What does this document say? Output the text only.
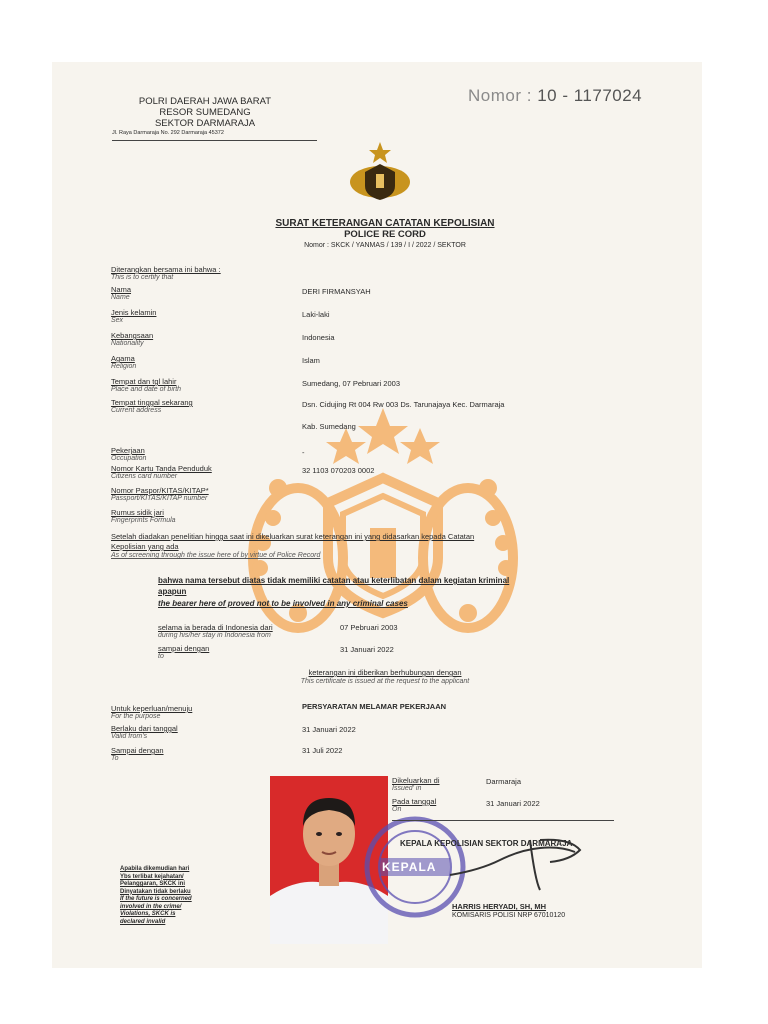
POLRI DAERAH JAWA BARAT
RESOR SUMEDANG
SEKTOR DARMARAJA
Jl. Raya Darmaraja No. 292 Darmaraja 45372
Nomor : 10 - 1177024
SURAT KETERANGAN CATATAN KEPOLISIAN
POLICE RE CORD
Nomor : SKCK / YANMAS / 139 / I / 2022 / SEKTOR
Diterangkan bersama ini bahwa :
This is to certify that
Nama
Name
DERI FIRMANSYAH
Jenis kelamin
Sex
Laki-laki
Kebangsaan
Nationality
Indonesia
Agama
Religion
Islam
Tempat dan tgl lahir
Place and date of birth
Sumedang, 07 Pebruari 2003
Tempat tinggal sekarang
Current address
Dsn. Cidujing Rt 004 Rw 003 Ds. Tarunajaya Kec. Darmaraja
Kab. Sumedang
Pekerjaan
Occupation
-
Nomor Kartu Tanda Penduduk
Citizens card number
32 1103 070203 0002
Nomor Paspor/KITAS/KITAP*
Passport/KITAS/KITAP number
Rumus sidik jari
Fingerprints Formula
Setelah diadakan penelitian hingga saat ini dikeluarkan surat keterangan ini yang didasarkan kepada Catatan
Kepolisian yang ada
As of screening through the issue here of by virtue of Police Record
bahwa nama tersebut diatas tidak memiliki catatan atau keterlibatan dalam kegiatan kriminal
apapun
the bearer here of proved not to be involved in any criminal cases
selama ia berada di Indonesia dari
during his/her stay in Indonesia from
07 Pebruari 2003
sampai dengan
to
31 Januari 2022
keterangan ini diberikan berhubungan dengan
This certificate is issued at the request to the applicant
Untuk keperluan/menuju
For the purpose
PERSYARATAN MELAMAR PEKERJAAN
Berlaku dari tanggal
Valid from's
31 Januari 2022
Sampai dengan
To
31 Juli 2022
KEPALA
Dikeluarkan di
Issued' in
Darmaraja
Pada tanggal
On
31 Januari 2022
KEPALA KEPOLISIAN SEKTOR DARMARAJA
HARRIS HERYADI, SH, MH
KOMISARIS POLISI NRP 67010120
Apabila dikemudian hari
Ybs terlibat kejahatan/
Pelanggaran, SKCK ini
Dinyatakan tidak berlaku
If the future is concerned
involved in the crime/
Violations, SKCK is
declared invalid
